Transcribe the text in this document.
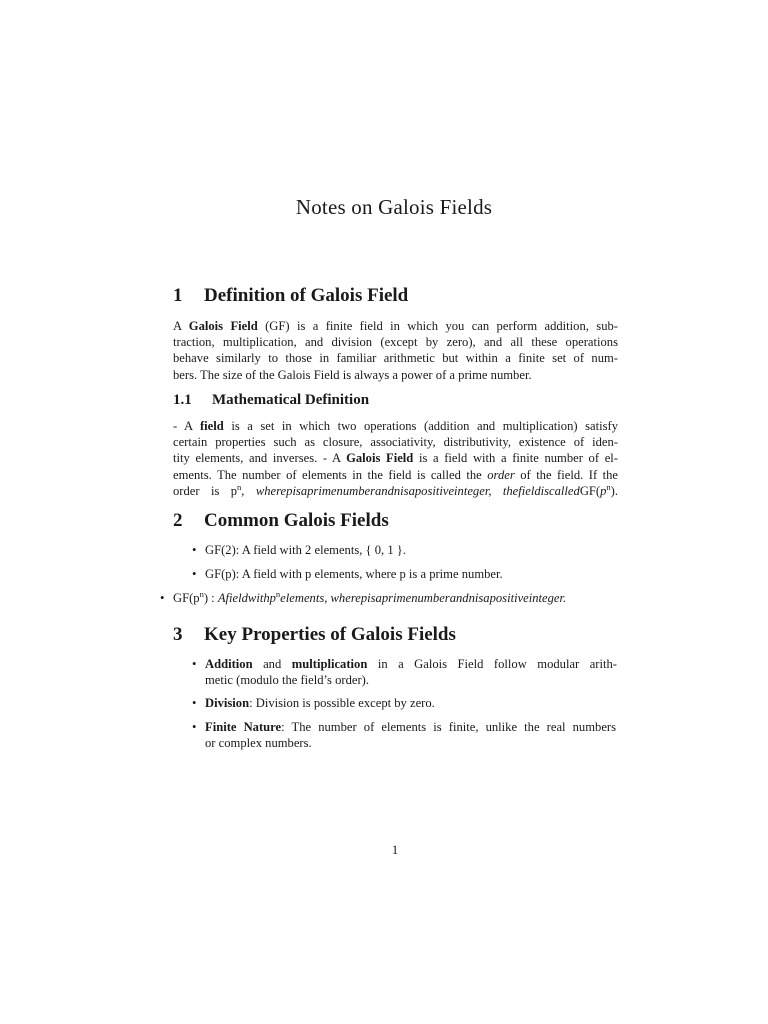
Notes on Galois Fields
1 Definition of Galois Field
A Galois Field (GF) is a finite field in which you can perform addition, sub-
traction, multiplication, and division (except by zero), and all these operations
behave similarly to those in familiar arithmetic but within a finite set of num-
bers. The size of the Galois Field is always a power of a prime number.
1.1 Mathematical Definition
- A field is a set in which two operations (addition and multiplication) satisfy
certain properties such as closure, associativity, distributivity, existence of iden-
tity elements, and inverses. - A Galois Field is a field with a finite number of el-
ements. The number of elements in the field is called the order of the field. If the
order is $p^n$, wherepisaprimenumberandnisapositiveinteger, $thefieldiscalledGF(p^n)$.
2 Common Galois Fields
• GF(2): A field with 2 elements, { 0, 1 }.
• GF(p): A field with p elements, where p is a prime number.
• $GF(p^n)$ : Afieldwithp$^n$elements, wherepisaprimenumberandnisapositiveinteger.
3 Key Properties of Galois Fields
• Addition and multiplication in a Galois Field follow modular arith-
metic (modulo the field’s order).
• Division: Division is possible except by zero.
• Finite Nature: The number of elements is finite, unlike the real numbers
or complex numbers.
1
